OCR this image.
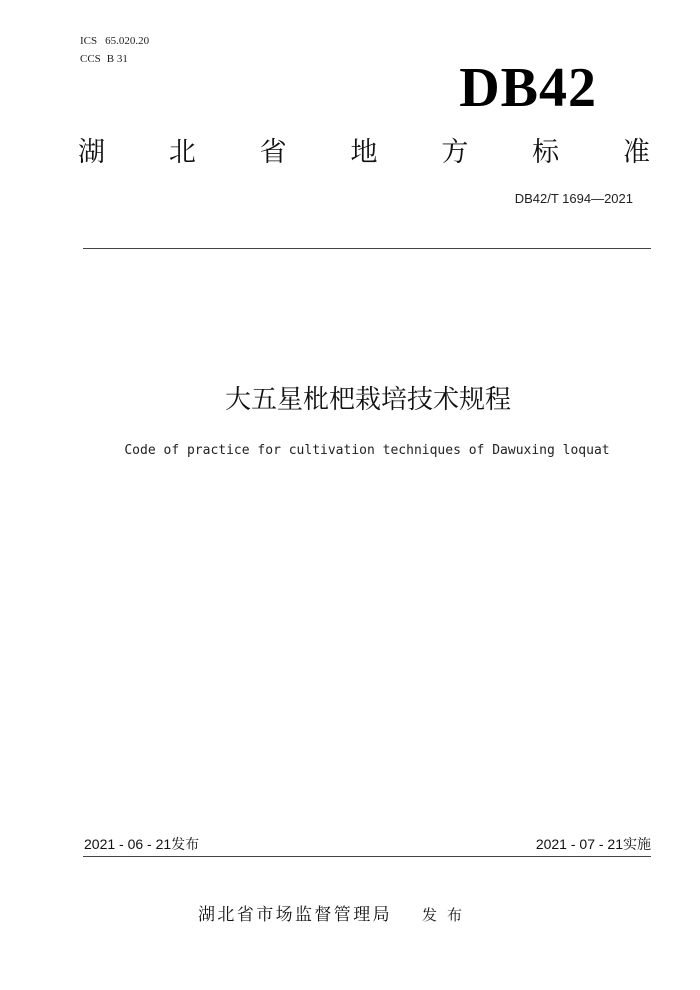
ICS 65.020.20
CCS B 31	DB42
湖 北 省 地 方 标 准
DB42/T 1694—2021
大五星枇杷栽培技术规程
Code of practice for cultivation techniques of Dawuxing loquat
2021 - 06 - 21发布	2021 - 07 - 21实施
湖北省市场监督管理局 发布
